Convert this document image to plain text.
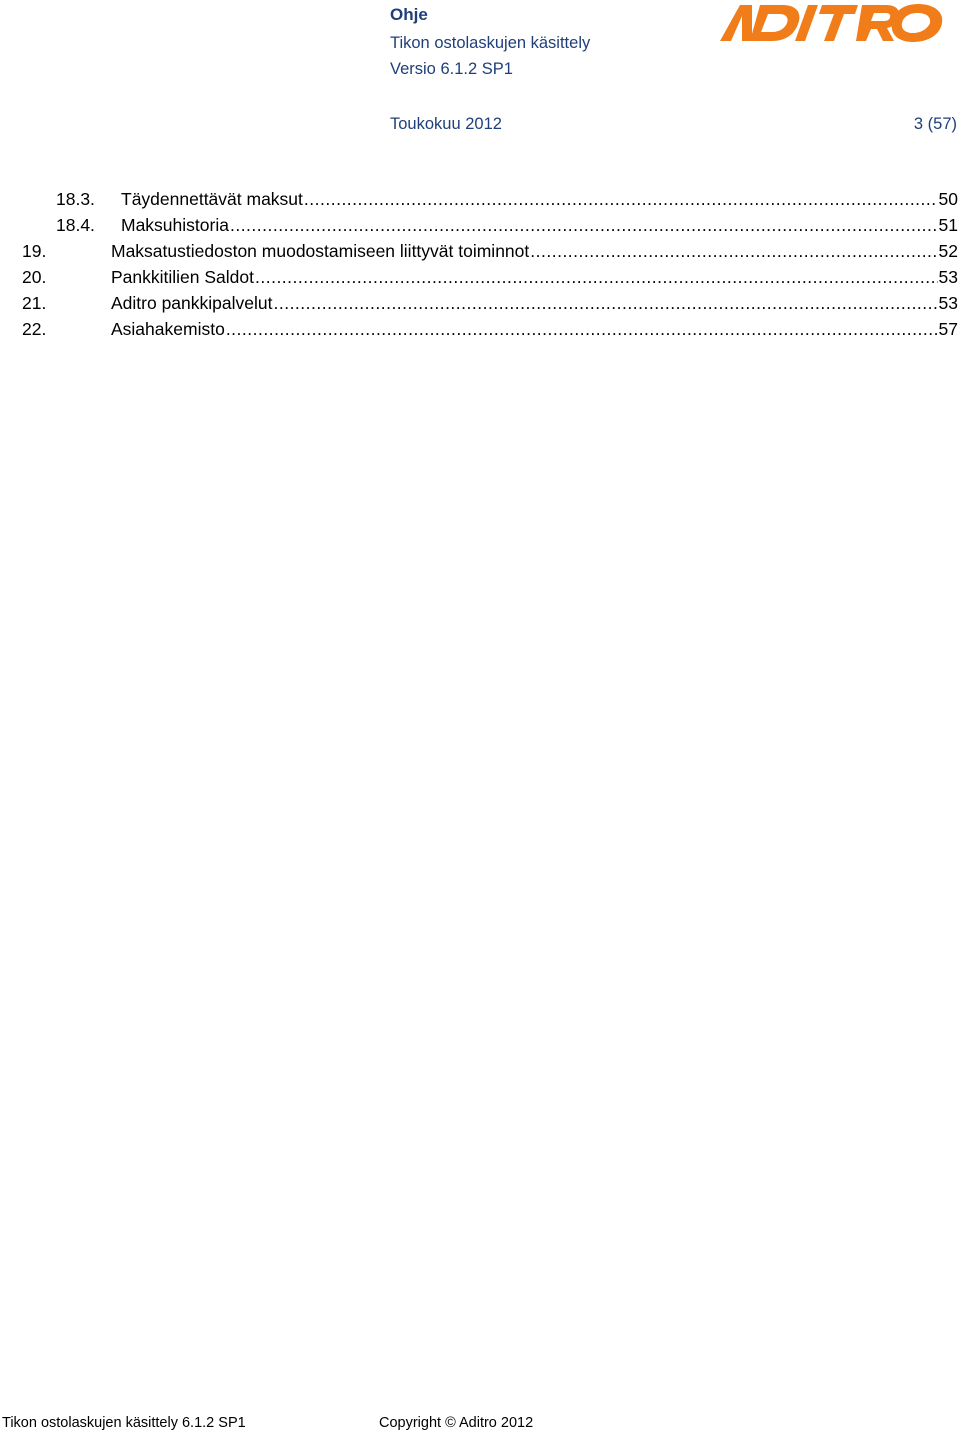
Ohje
Tikon ostolaskujen käsittely
Versio 6.1.2 SP1
Toukokuu 2012	3 (57)
18.3. Täydennettävät maksut .....	50
18.4. Maksuhistoria .....	51
19.	Maksatustiedoston muodostamiseen liittyvät toiminnot .....	52
20.	Pankkitilien Saldot .....	53
21.	Aditro pankkipalvelut .....	53
22.	Asiahakemisto .....	57
Tikon ostolaskujen käsittely 6.1.2 SP1	Copyright © Aditro 2012
